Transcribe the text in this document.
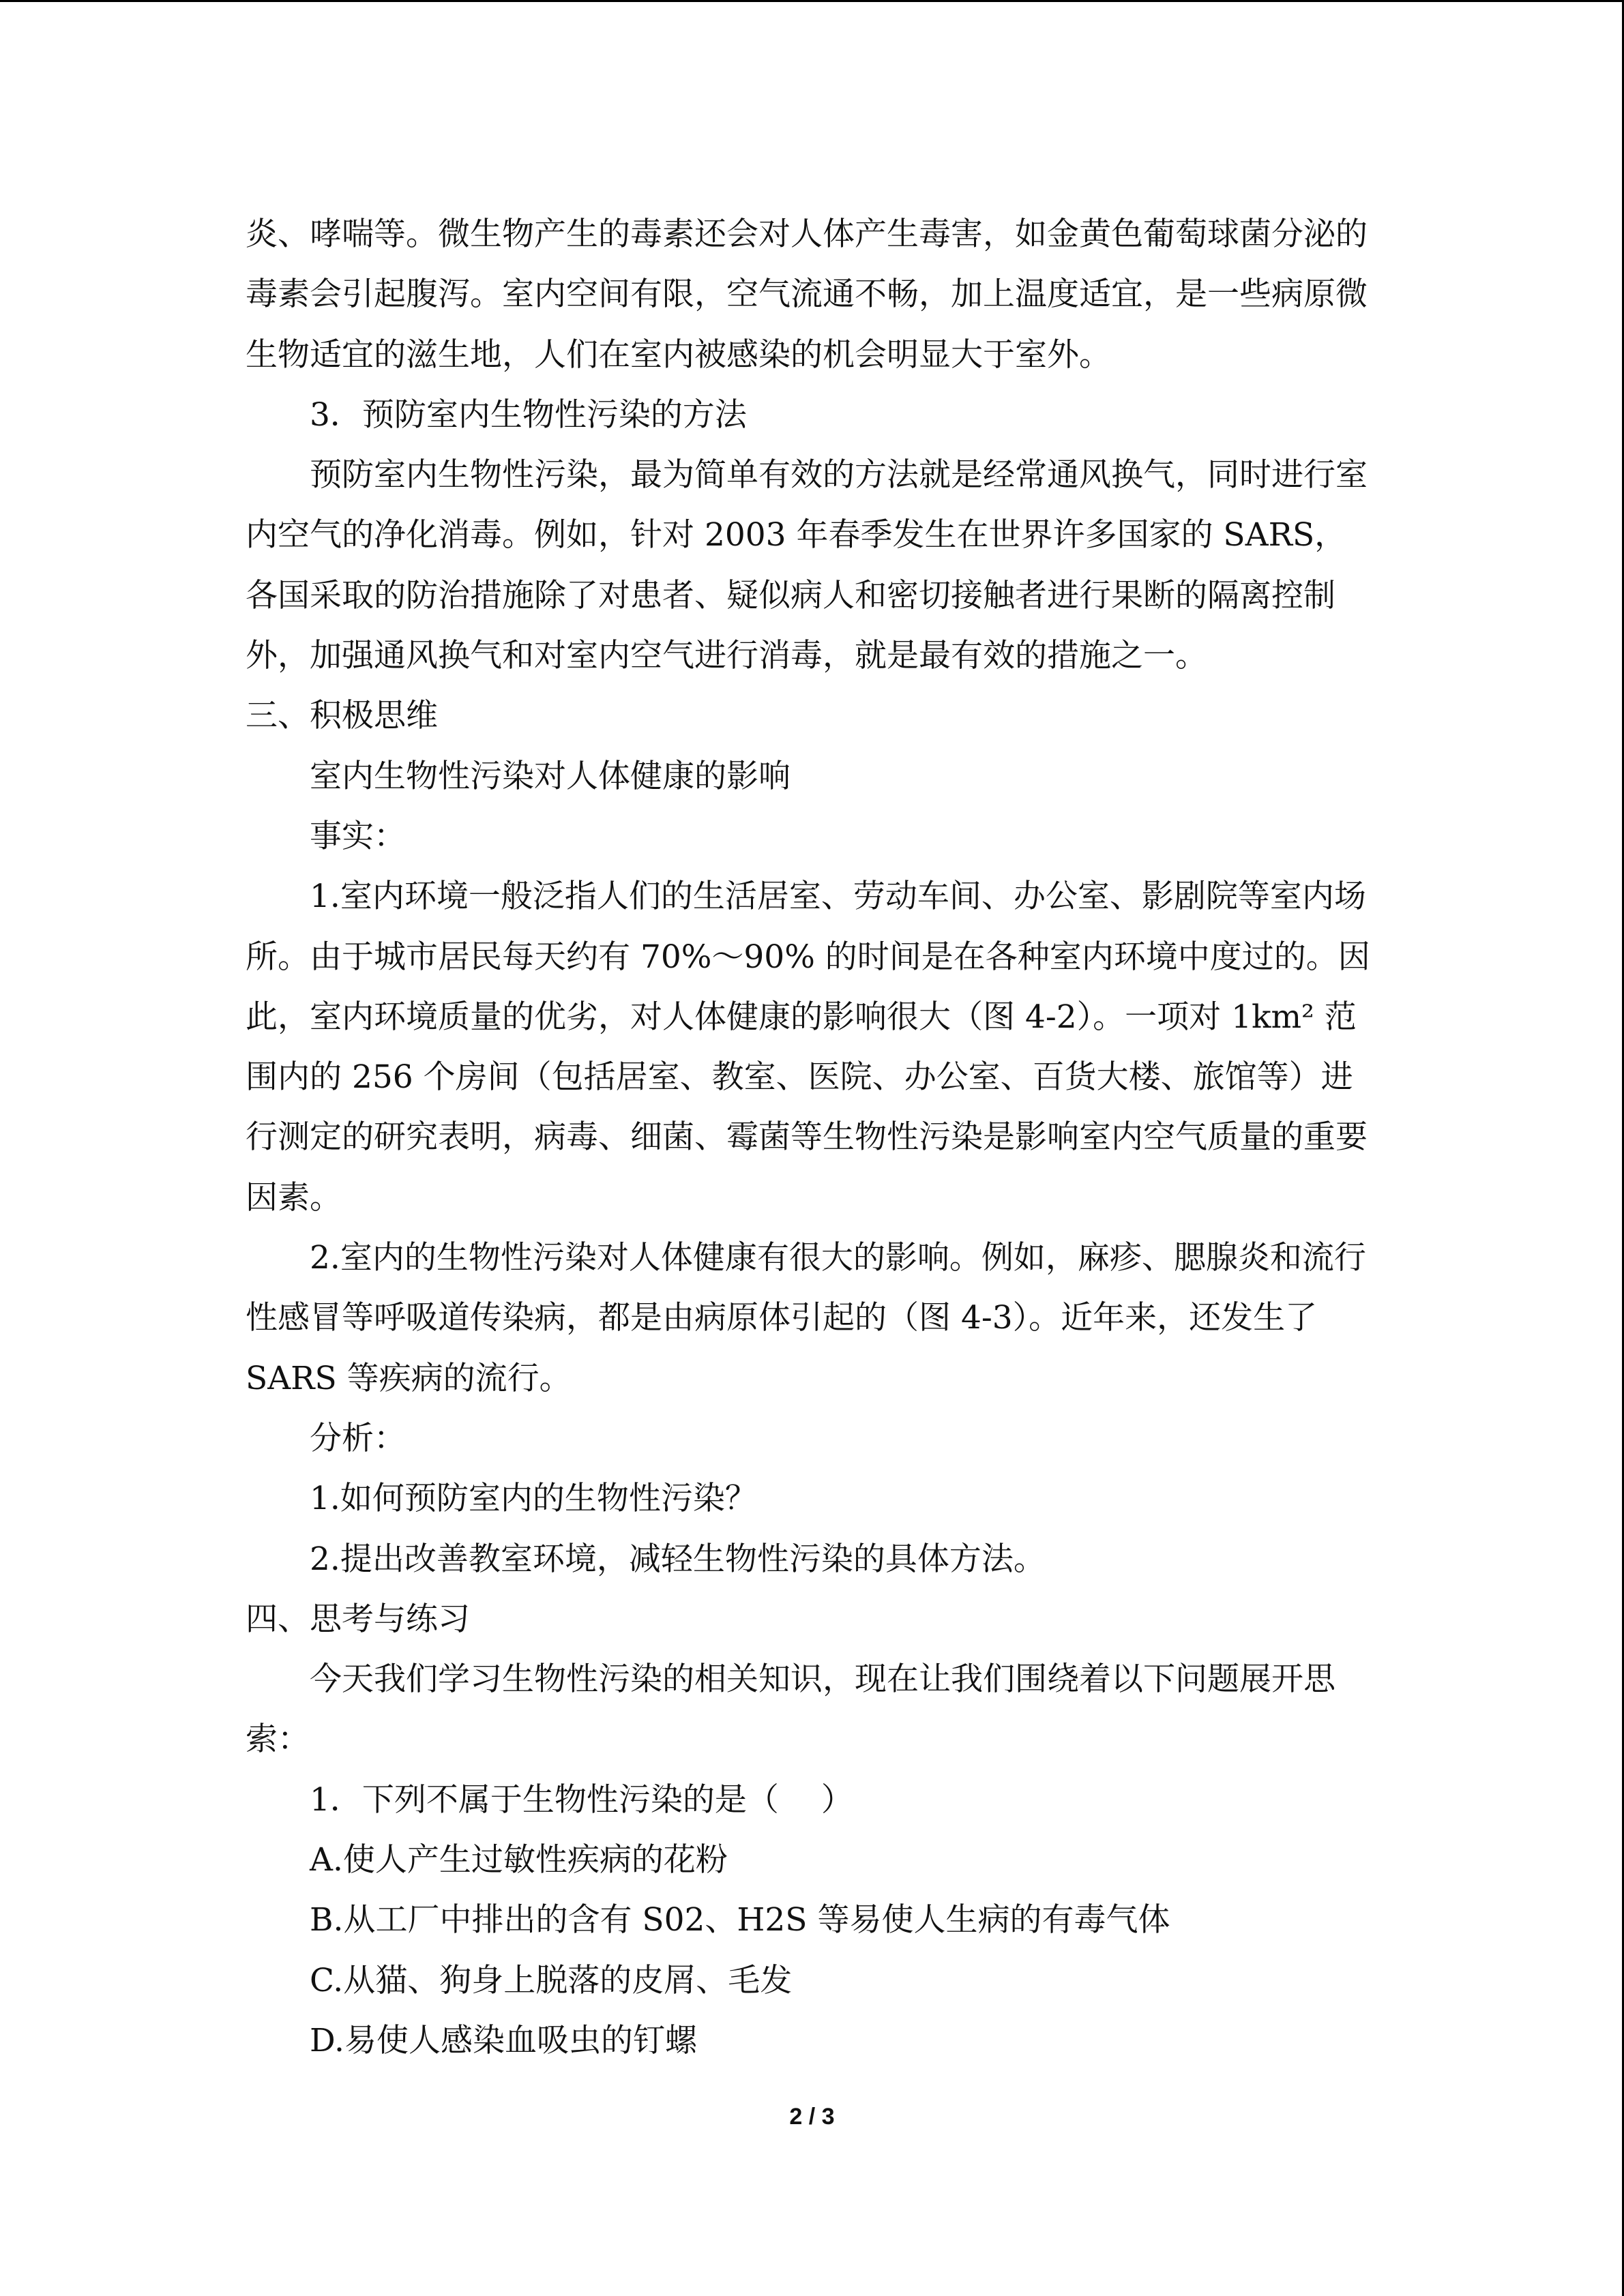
炎、哮喘等。微生物产生的毒素还会对人体产生毒害，如金黄色葡萄球菌分泌的毒素会引起腹泻。室内空间有限，空气流通不畅，加上温度适宜，是一些病原微生物适宜的滋生地，人们在室内被感染的机会明显大于室外。

3．预防室内生物性污染的方法

预防室内生物性污染，最为简单有效的方法就是经常通风换气，同时进行室内空气的净化消毒。例如，针对 2003 年春季发生在世界许多国家的 SARS，各国采取的防治措施除了对患者、疑似病人和密切接触者进行果断的隔离控制外，加强通风换气和对室内空气进行消毒，就是最有效的措施之一。

三、积极思维

室内生物性污染对人体健康的影响

事实：

1.室内环境一般泛指人们的生活居室、劳动车间、办公室、影剧院等室内场所。由于城市居民每天约有 70%～90% 的时间是在各种室内环境中度过的。因此，室内环境质量的优劣，对人体健康的影响很大（图 4-2）。一项对 1km² 范围内的 256 个房间（包括居室、教室、医院、办公室、百货大楼、旅馆等）进行测定的研究表明，病毒、细菌、霉菌等生物性污染是影响室内空气质量的重要因素。

2.室内的生物性污染对人体健康有很大的影响。例如，麻疹、腮腺炎和流行性感冒等呼吸道传染病，都是由病原体引起的（图 4-3）。近年来，还发生了 SARS 等疾病的流行。

分析：

1.如何预防室内的生物性污染？

2.提出改善教室环境，减轻生物性污染的具体方法。

四、思考与练习

今天我们学习生物性污染的相关知识，现在让我们围绕着以下问题展开思索：

1．下列不属于生物性污染的是（　 ）

A.使人产生过敏性疾病的花粉

B.从工厂中排出的含有 S02、H2S 等易使人生病的有毒气体

C.从猫、狗身上脱落的皮屑、毛发

D.易使人感染血吸虫的钉螺

2 / 3
